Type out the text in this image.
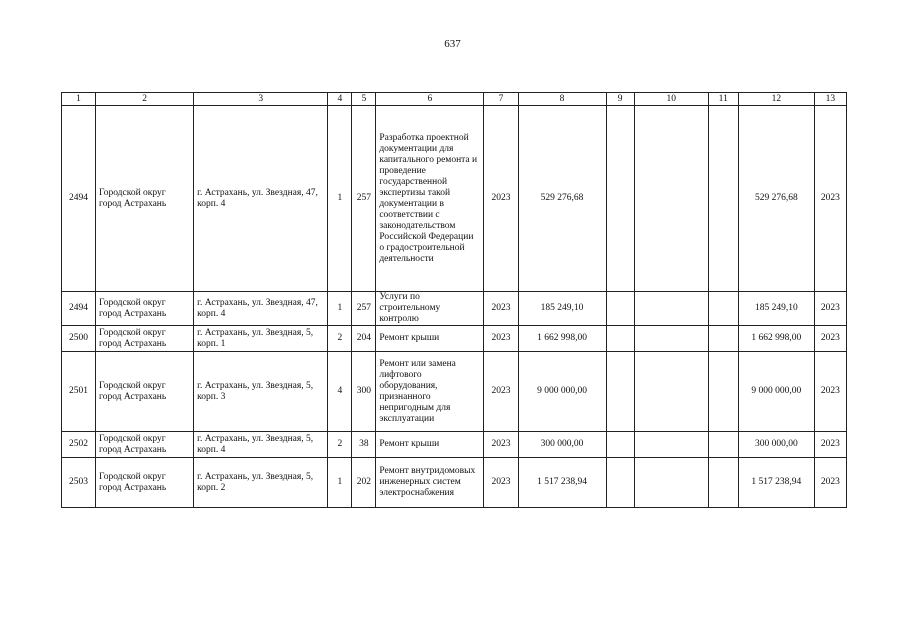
637
1	2	3	4	5	6	7	8	9	10	11	12	13
2494	Городской округ город Астрахань	г. Астрахань, ул. Звездная, 47, корп. 4	1	257	Разработка проектной документации для капитального ремонта и проведение государственной экспертизы такой документации в соответствии с законодательством Российской Федерации о градостроительной деятельности	2023	529 276,68				529 276,68	2023
2494	Городской округ город Астрахань	г. Астрахань, ул. Звездная, 47, корп. 4	1	257	Услуги по строительному контролю	2023	185 249,10				185 249,10	2023
2500	Городской округ город Астрахань	г. Астрахань, ул. Звездная, 5, корп. 1	2	204	Ремонт крыши	2023	1 662 998,00				1 662 998,00	2023
2501	Городской округ город Астрахань	г. Астрахань, ул. Звездная, 5, корп. 3	4	300	Ремонт или замена лифтового оборудования, признанного непригодным для эксплуатации	2023	9 000 000,00				9 000 000,00	2023
2502	Городской округ город Астрахань	г. Астрахань, ул. Звездная, 5, корп. 4	2	38	Ремонт крыши	2023	300 000,00				300 000,00	2023
2503	Городской округ город Астрахань	г. Астрахань, ул. Звездная, 5, корп. 2	1	202	Ремонт внутридомовых инженерных систем электроснабжения	2023	1 517 238,94				1 517 238,94	2023
